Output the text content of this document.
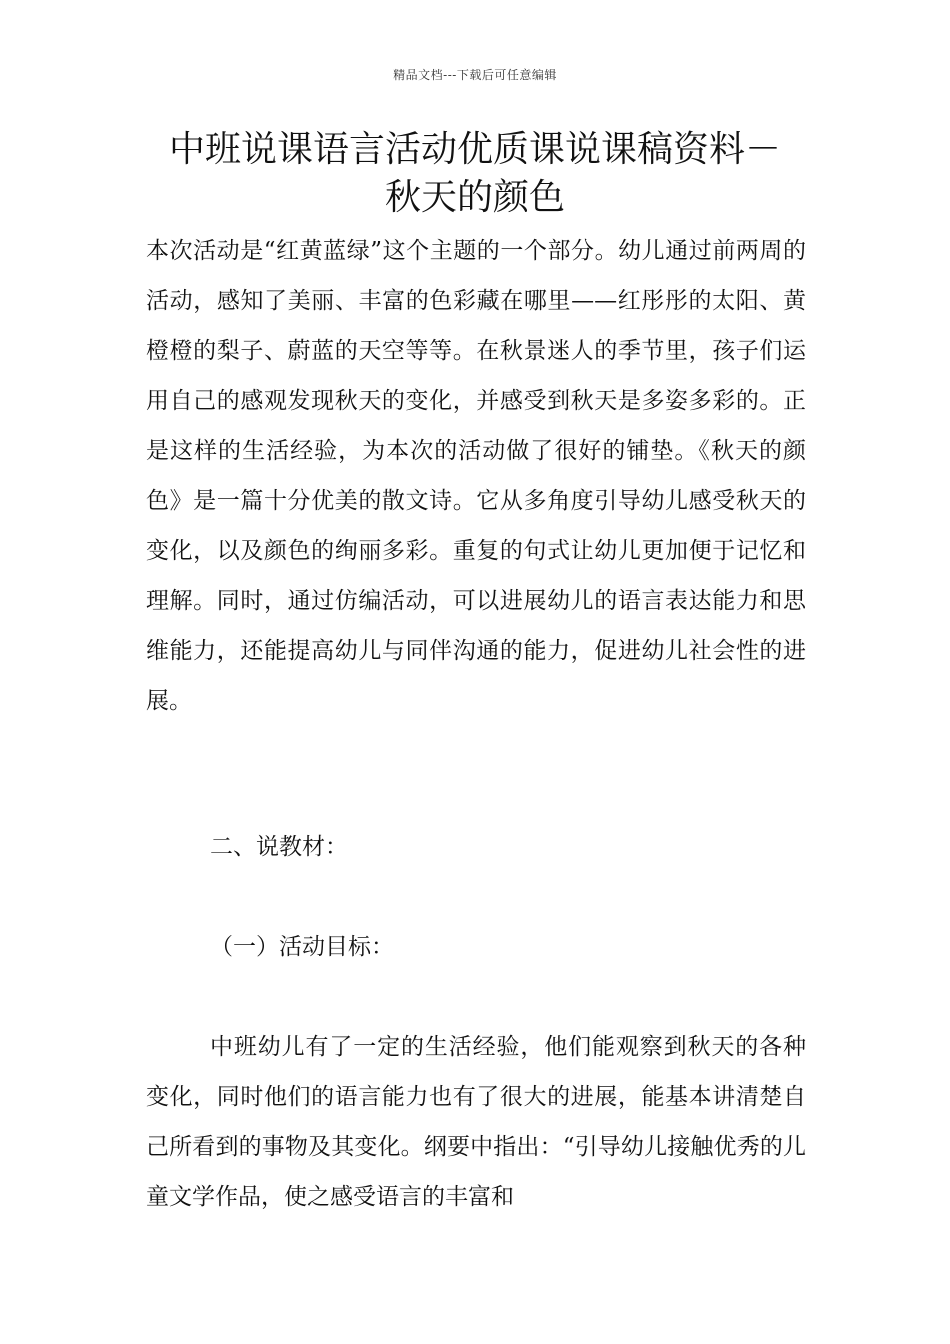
精品文档---下载后可任意编辑
中班说课语言活动优质课说课稿资料－
秋天的颜色

本次活动是“红黄蓝绿”这个主题的一个部分。幼儿通过前两周的活动，感知了美丽、丰富的色彩藏在哪里——红彤彤的太阳、黄橙橙的梨子、蔚蓝的天空等等。在秋景迷人的季节里，孩子们运用自己的感观发现秋天的变化，并感受到秋天是多姿多彩的。正是这样的生活经验，为本次的活动做了很好的铺垫。《秋天的颜色》是一篇十分优美的散文诗。它从多角度引导幼儿感受秋天的变化，以及颜色的绚丽多彩。重复的句式让幼儿更加便于记忆和理解。同时，通过仿编活动，可以进展幼儿的语言表达能力和思维能力，还能提高幼儿与同伴沟通的能力，促进幼儿社会性的进展。

二、说教材：

（一）活动目标：

中班幼儿有了一定的生活经验，他们能观察到秋天的各种变化，同时他们的语言能力也有了很大的进展，能基本讲清楚自己所看到的事物及其变化。纲要中指出：“引导幼儿接触优秀的儿童文学作品，使之感受语言的丰富和
